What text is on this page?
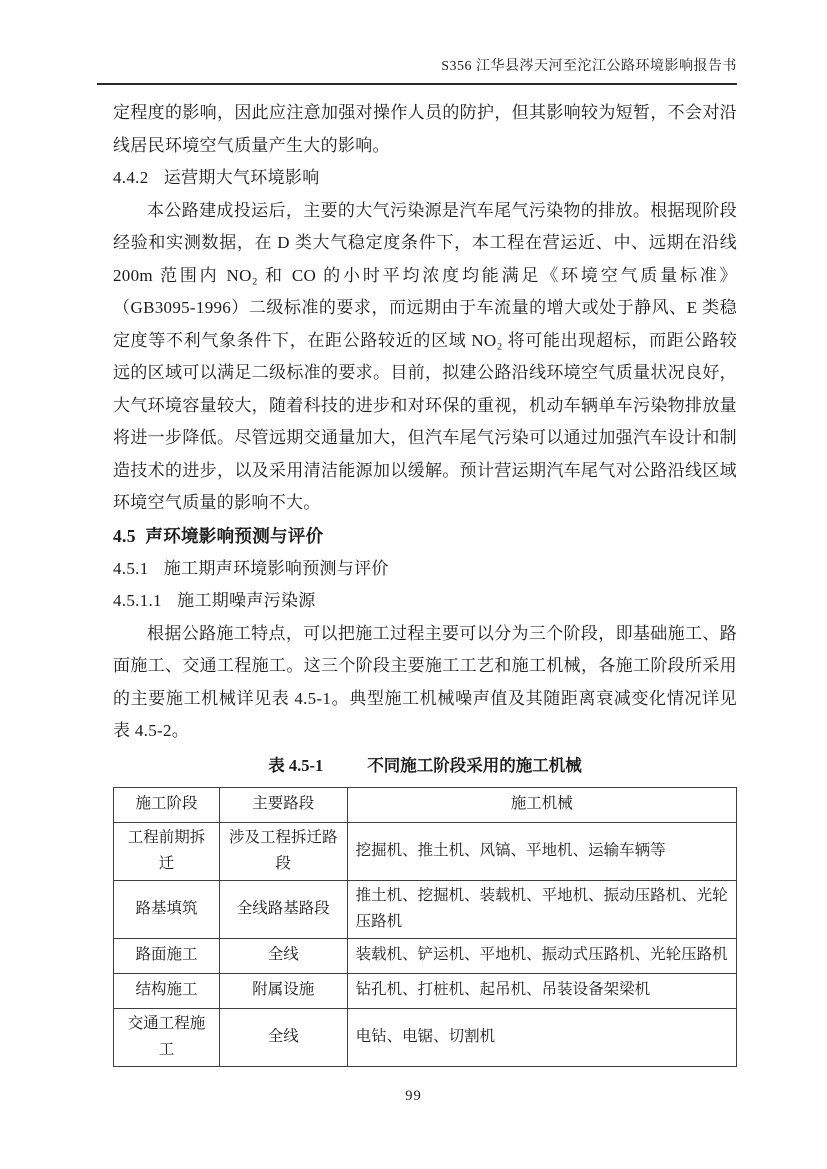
S356 江华县涔天河至沱江公路环境影响报告书

定程度的影响，因此应注意加强对操作人员的防护，但其影响较为短暂，不会对沿线居民环境空气质量产生大的影响。

4.4.2 运营期大气环境影响

本公路建成投运后，主要的大气污染源是汽车尾气污染物的排放。根据现阶段经验和实测数据，在 D 类大气稳定度条件下，本工程在营运近、中、远期在沿线 200m 范围内 NO₂ 和 CO 的小时平均浓度均能满足《环境空气质量标准》（GB3095-1996）二级标准的要求，而远期由于车流量的增大或处于静风、E 类稳定度等不利气象条件下，在距公路较近的区域 NO₂ 将可能出现超标，而距公路较远的区域可以满足二级标准的要求。目前，拟建公路沿线环境空气质量状况良好，大气环境容量较大，随着科技的进步和对环保的重视，机动车辆单车污染物排放量将进一步降低。尽管远期交通量加大，但汽车尾气污染可以通过加强汽车设计和制造技术的进步，以及采用清洁能源加以缓解。预计营运期汽车尾气对公路沿线区域环境空气质量的影响不大。

4.5 声环境影响预测与评价
4.5.1 施工期声环境影响预测与评价
4.5.1.1 施工期噪声污染源

根据公路施工特点，可以把施工过程主要可以分为三个阶段，即基础施工、路面施工、交通工程施工。这三个阶段主要施工工艺和施工机械，各施工阶段所采用的主要施工机械详见表 4.5-1。典型施工机械噪声值及其随距离衰减变化情况详见表 4.5-2。

表 4.5-1	不同施工阶段采用的施工机械
施工阶段	主要路段	施工机械
工程前期拆迁	涉及工程拆迁路段	挖掘机、推土机、风镐、平地机、运输车辆等
路基填筑	全线路基路段	推土机、挖掘机、装载机、平地机、振动压路机、光轮压路机
路面施工	全线	装载机、铲运机、平地机、振动式压路机、光轮压路机
结构施工	附属设施	钻孔机、打桩机、起吊机、吊装设备架梁机
交通工程施工	全线	电钻、电锯、切割机
99
